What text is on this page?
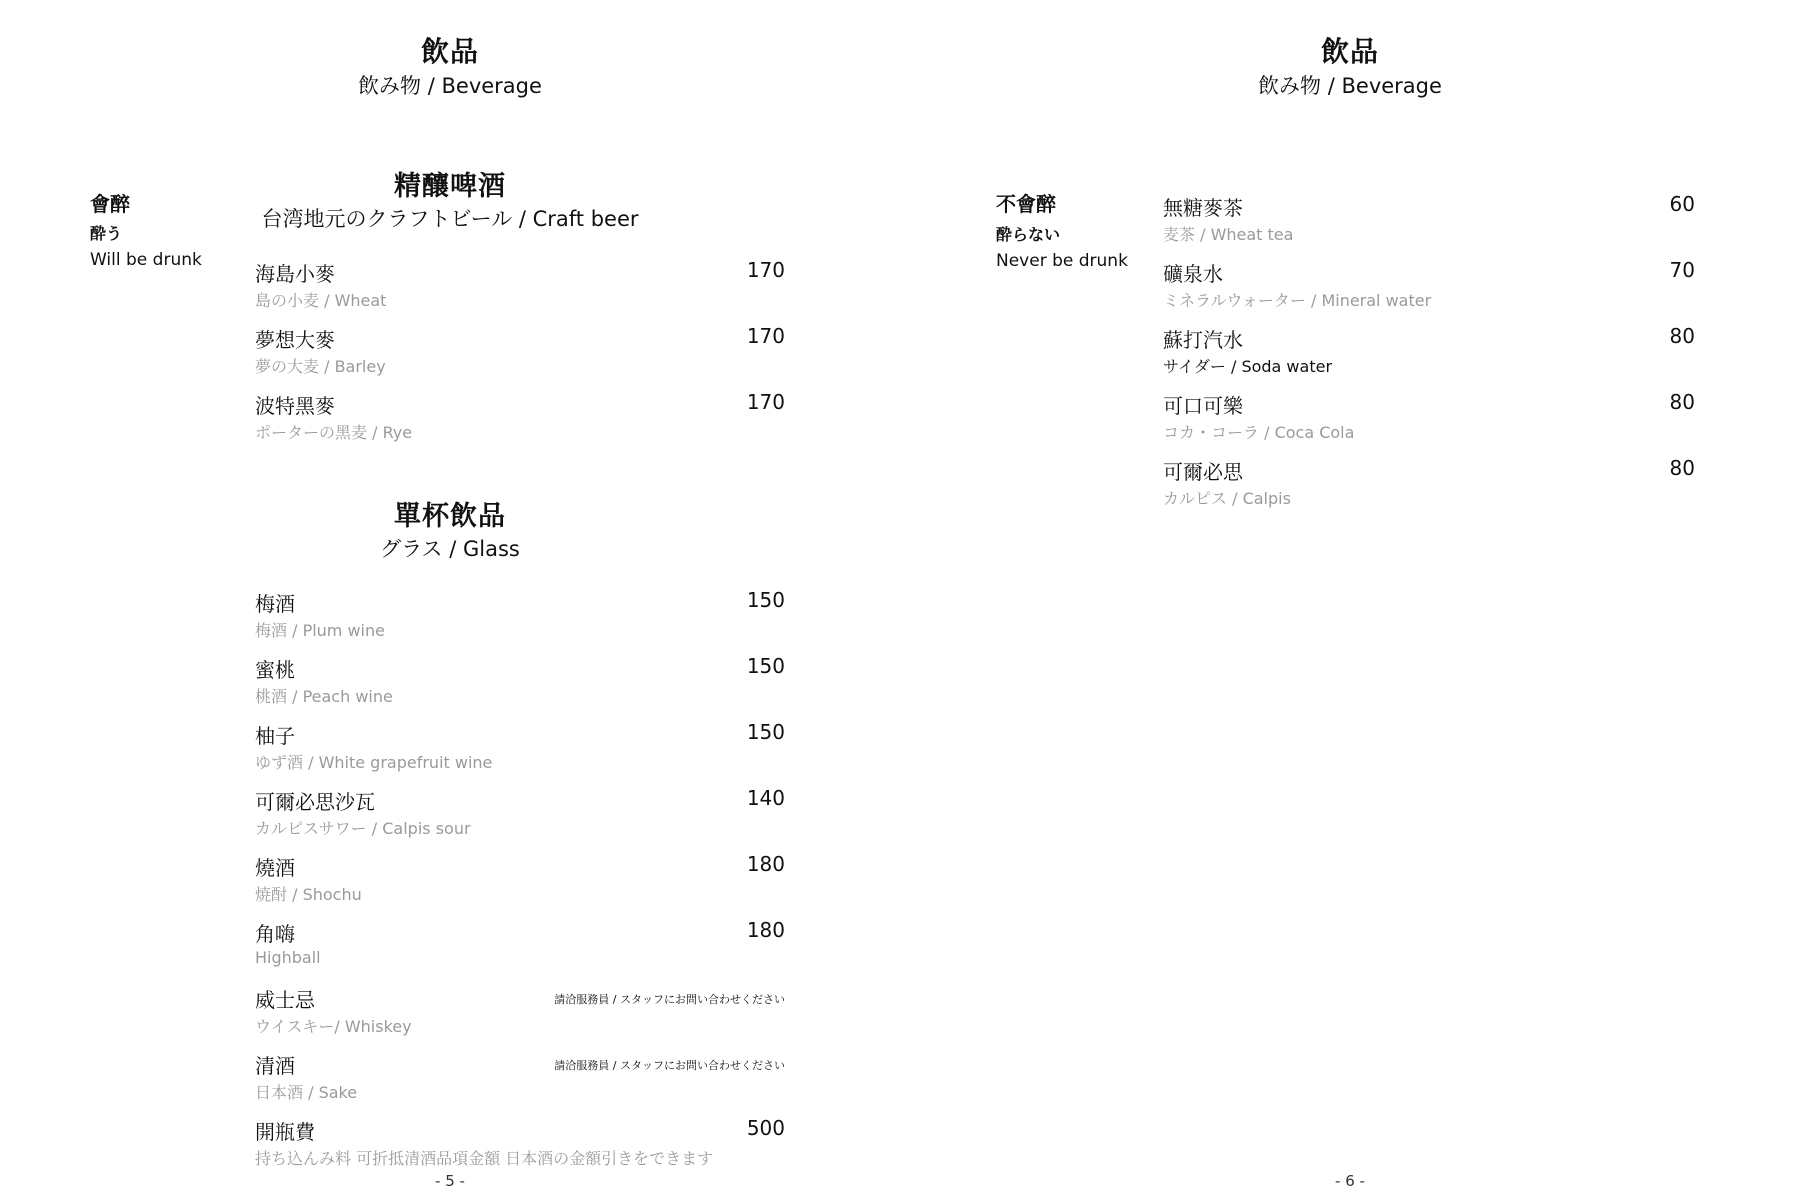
飲品
飲み物 / Beverage
會醉
酔う
Will be drunk
精釀啤酒
台湾地元のクラフトビール / Craft beer
海島小麥	170
島の小麦 / Wheat
夢想大麥	170
夢の大麦 / Barley
波特黑麥	170
ポーターの黑麦 / Rye
單杯飲品
グラス / Glass
梅酒	150
梅酒 / Plum wine
蜜桃	150
桃酒 / Peach wine
柚子	150
ゆず酒 / White grapefruit wine
可爾必思沙瓦	140
カルピスサワー / Calpis sour
燒酒	180
焼酎 / Shochu
角嗨	180
Highball
威士忌	請洽服務員 / スタッフにお問い合わせください
ウイスキー/ Whiskey
清酒	請洽服務員 / スタッフにお問い合わせください
日本酒 / Sake
開瓶費	500
持ち込んみ料 可折抵清酒品項金額 日本酒の金額引きをできます
- 5 -
飲品
飲み物 / Beverage
不會醉
酔らない
Never be drunk
無糖麥茶	60
麦茶 / Wheat tea
礦泉水	70
ミネラルウォーター / Mineral water
蘇打汽水	80
サイダー / Soda water
可口可樂	80
コカ・コーラ / Coca Cola
可爾必思	80
カルピス / Calpis
- 6 -
